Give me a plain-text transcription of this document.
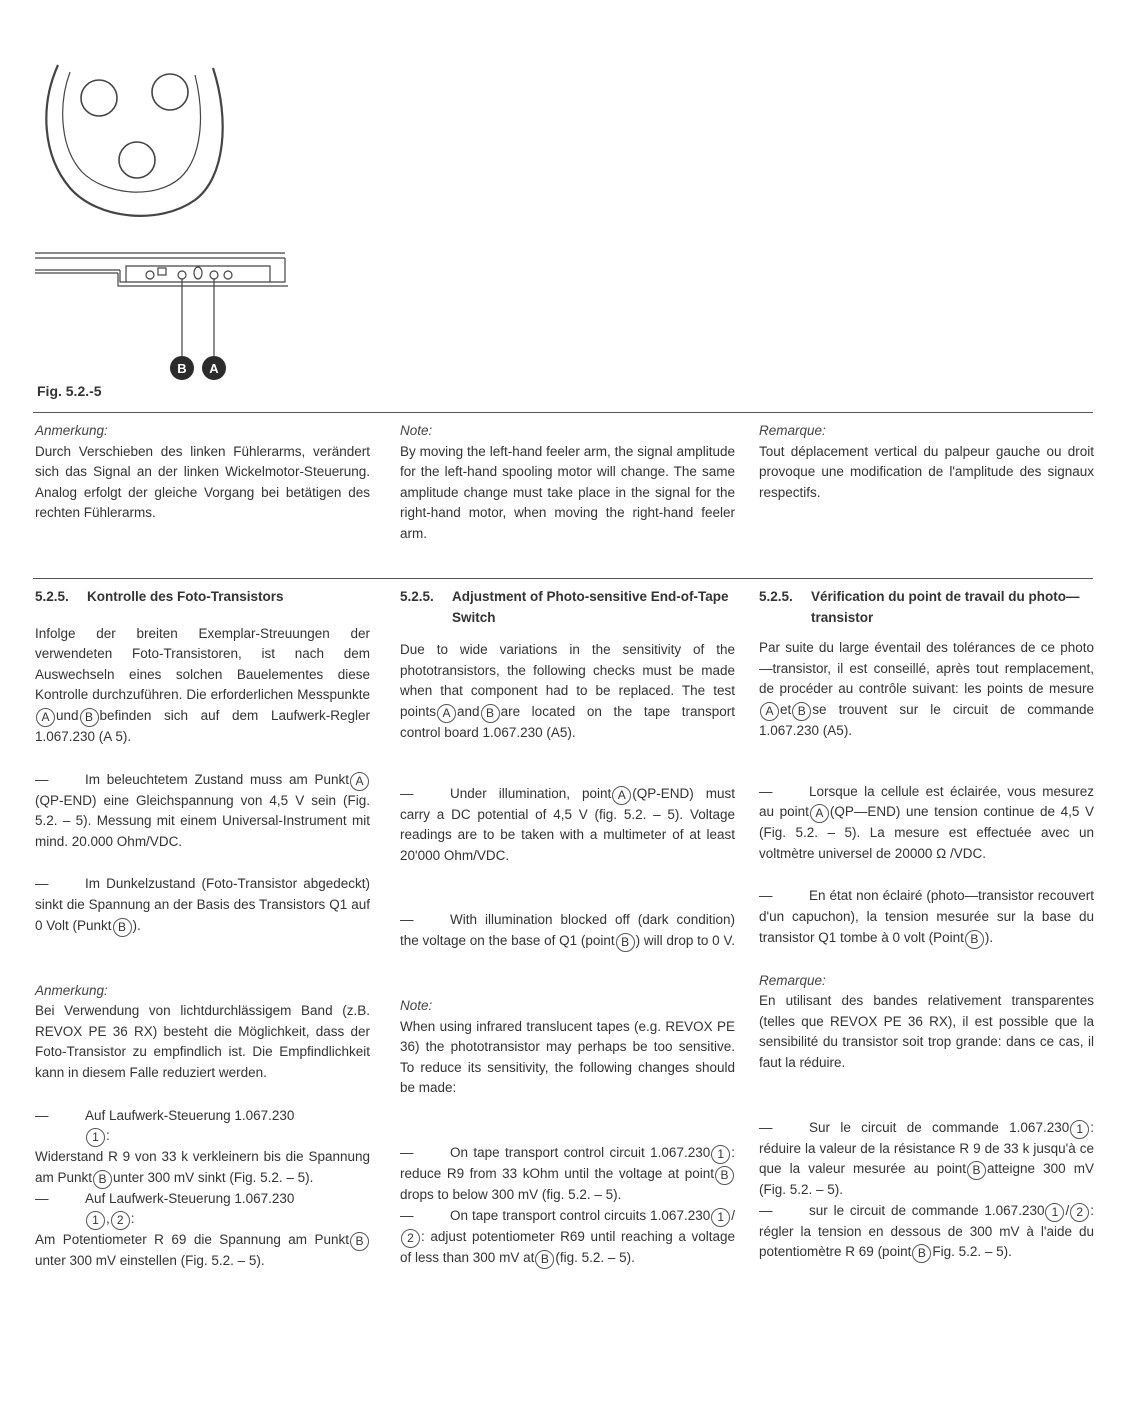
B A
Fig. 5.2.-5

Anmerkung:

Durch Verschieben des linken Fühlerarms, verändert sich das Signal an der linken Wickelmotor-Steuerung. Analog erfolgt der gleiche Vorgang bei betätigen des rechten Fühlerarms.

Note:

By moving the left-hand feeler arm, the signal amplitude for the left-hand spooling motor will change. The same amplitude change must take place in the signal for the right-hand motor, when moving the right-hand feeler arm.

Remarque:

Tout déplacement vertical du palpeur gauche ou droit provoque une modification de l'amplitude des signaux respectifs.

5.2.5.	Kontrolle des Foto-Transistors

Infolge der breiten Exemplar-Streuungen der verwendeten Foto-Transistoren, ist nach dem Auswechseln eines solchen Bauelementes diese Kontrolle durchzuführen. Die erforderlichen MesspunkteA und B befinden sich auf dem Laufwerk-Regler 1.067.230 (A 5).

—	Im beleuchtetem Zustand muss am Punkt A(QP-END) eine Gleichspannung von 4,5 V sein (Fig. 5.2. – 5). Messung mit einem Universal-Instrument mit mind. 20.000 Ohm/VDC.

—	Im Dunkelzustand (Foto-Transistor abgedeckt) sinkt die Spannung an der Basis des Transistors Q1 auf 0 Volt (Punkt B ).

Anmerkung:

Bei Verwendung von lichtdurchlässigem Band (z.B. REVOX PE 36 RX) besteht die Möglichkeit, dass der Foto-Transistor zu empfindlich ist. Die Empfindlichkeit kann in diesem Falle reduziert werden.

—	Auf Laufwerk-Steuerung 1.067.230
1 :
Widerstand R 9 von 33 k verkleinern bis die Spannung am Punkt B unter 300 mV sinkt (Fig. 5.2. – 5).

—	Auf Laufwerk-Steuerung 1.067.230
1 , 2 :
Am Potentiometer R 69 die Spannung am Punkt Bunter 300 mV einstellen (Fig. 5.2. – 5).

5.2.5.	Adjustment of Photo-sensitive End-of-Tape Switch

Due to wide variations in the sensitivity of the phototransistors, the following checks must be made when that component had to be replaced. The test points A and B are located on the tape transport control board 1.067.230 (A5).

—	Under illumination, point A (QP-END) must carry a DC potential of 4,5 V (fig. 5.2. – 5). Voltage readings are to be taken with a multimeter of at least 20'000 Ohm/VDC.

—	With illumination blocked off (dark condition) the voltage on the base of Q1 (point B ) will drop to 0 V.

Note:

When using infrared translucent tapes (e.g. REVOX PE 36) the phototransistor may perhaps be too sensitive. To reduce its sensitivity, the following changes should be made:

—	On tape transport control circuit 1.067.230 1 : reduce R9 from 33 kOhm until the voltage at point Bdrops to below 300 mV (fig. 5.2. – 5).

—	On tape transport control circuits 1.067.230 1 /2 : adjust potentiometer R69 until reaching a voltage of less than 300 mV at B (fig. 5.2. – 5).

5.2.5.	Vérification du point de travail du photo—transistor

Par suite du large éventail des tolérances de ce photo—transistor, il est conseillé, après tout remplacement, de procéder au contrôle suivant: les points de mesureA et B se trouvent sur le circuit de commande 1.067.230 (A5).

—	Lorsque la cellule est éclairée, vous mesurez au point A (QP—END) une tension continue de 4,5 V (Fig. 5.2. – 5). La mesure est effectuée avec un voltmètre universel de 20000 Ω /VDC.

—	En état non éclairé (photo—transistor recouvert d'un capuchon), la tension mesurée sur la base du transistor Q1 tombe à 0 volt (Point B ).

Remarque:

En utilisant des bandes relativement transparentes (telles que REVOX PE 36 RX), il est possible que la sensibilité du transistor soit trop grande: dans ce cas, il faut la réduire.

—	Sur le circuit de commande 1.067.230 1 : réduire la valeur de la résistance R 9 de 33 k jusqu'à ce que la valeur mesurée au point B atteigne 300 mV (Fig. 5.2. – 5).

—	sur le circuit de commande 1.067.230 1 / 2 : régler la tension en dessous de 300 mV à l'aide du potentiomètre R 69 (point B Fig. 5.2. – 5).
